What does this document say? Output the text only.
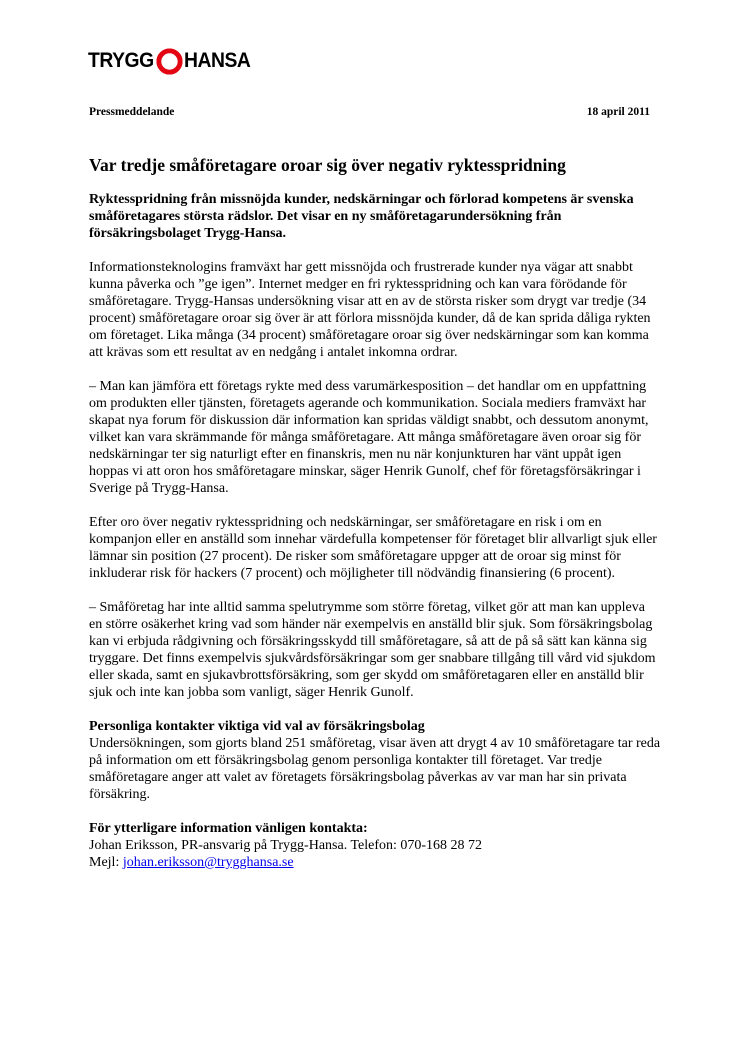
TRYGG HANSA
Pressmeddelande	18 april 2011
Var tredje småföretagare oroar sig över negativ ryktesspridning

Ryktesspridning från missnöjda kunder, nedskärningar och förlorad kompetens är svenska småföretagares största rädslor. Det visar en ny småföretagarundersökning från försäkringsbolaget Trygg-Hansa.

Informationsteknologins framväxt har gett missnöjda och frustrerade kunder nya vägar att snabbt kunna påverka och ”ge igen”. Internet medger en fri ryktesspridning och kan vara förödande för småföretagare. Trygg-Hansas undersökning visar att en av de största risker som drygt var tredje (34 procent) småföretagare oroar sig över är att förlora missnöjda kunder, då de kan sprida dåliga rykten om företaget. Lika många (34 procent) småföretagare oroar sig över nedskärningar som kan komma att krävas som ett resultat av en nedgång i antalet inkomna ordrar.

– Man kan jämföra ett företags rykte med dess varumärkesposition – det handlar om en uppfattning om produkten eller tjänsten, företagets agerande och kommunikation. Sociala mediers framväxt har skapat nya forum för diskussion där information kan spridas väldigt snabbt, och dessutom anonymt, vilket kan vara skrämmande för många småföretagare. Att många småföretagare även oroar sig för nedskärningar ter sig naturligt efter en finanskris, men nu när konjunkturen har vänt uppåt igen hoppas vi att oron hos småföretagare minskar, säger Henrik Gunolf, chef för företagsförsäkringar i Sverige på Trygg-Hansa.

Efter oro över negativ ryktesspridning och nedskärningar, ser småföretagare en risk i om en kompanjon eller en anställd som innehar värdefulla kompetenser för företaget blir allvarligt sjuk eller lämnar sin position (27 procent). De risker som småföretagare uppger att de oroar sig minst för inkluderar risk för hackers (7 procent) och möjligheter till nödvändig finansiering (6 procent).

– Småföretag har inte alltid samma spelutrymme som större företag, vilket gör att man kan uppleva en större osäkerhet kring vad som händer när exempelvis en anställd blir sjuk. Som försäkringsbolag kan vi erbjuda rådgivning och försäkringsskydd till småföretagare, så att de på så sätt kan känna sig tryggare. Det finns exempelvis sjukvårdsförsäkringar som ger snabbare tillgång till vård vid sjukdom eller skada, samt en sjukavbrottsförsäkring, som ger skydd om småföretagaren eller en anställd blir sjuk och inte kan jobba som vanligt, säger Henrik Gunolf.

Personliga kontakter viktiga vid val av försäkringsbolag
Undersökningen, som gjorts bland 251 småföretag, visar även att drygt 4 av 10 småföretagare tar reda på information om ett försäkringsbolag genom personliga kontakter till företaget. Var tredje småföretagare anger att valet av företagets försäkringsbolag påverkas av var man har sin privata försäkring.

För ytterligare information vänligen kontakta:
Johan Eriksson, PR-ansvarig på Trygg-Hansa. Telefon: 070-168 28 72
Mejl: johan.eriksson@trygghansa.se
